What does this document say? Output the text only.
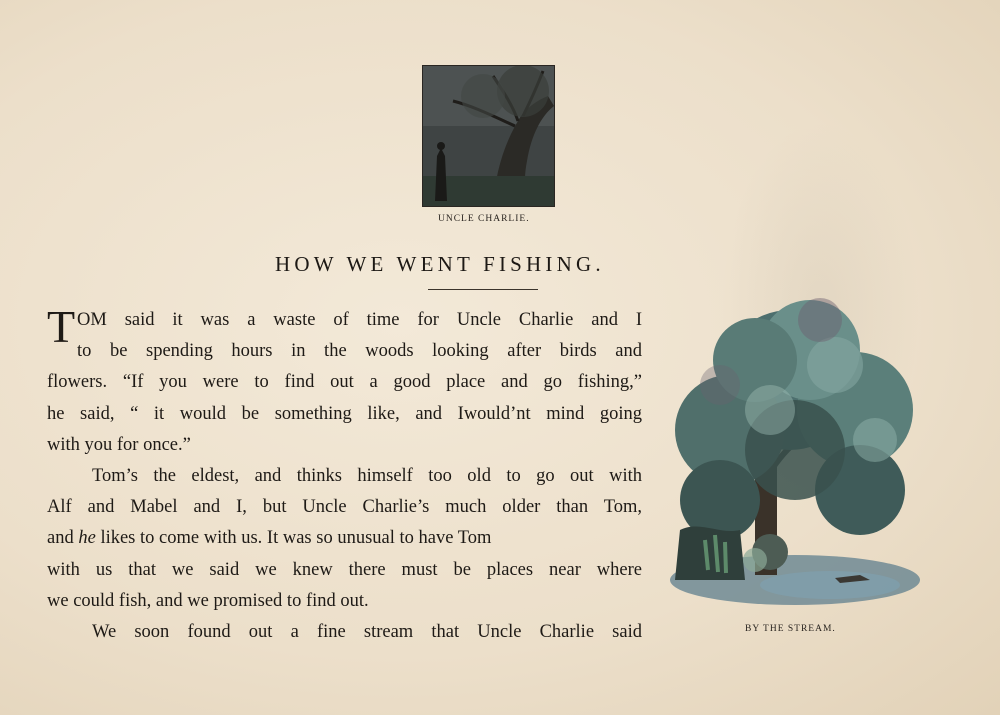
UNCLE CHARLIE.
HOW WE WENT FISHING.
T OM said it was a waste of time for Uncle Charlie and I
to be spending hours in the woods looking after birds and
flowers. “If you were to find out a good place and go fishing,”
he said, “ it would be something like, and Iwould’nt mind going
with you for once.”
Tom’s the eldest, and thinks himself too old to go out with
Alf and Mabel and I, but Uncle Charlie’s much older than Tom,
and he likes to come with us. It was so unusual to have Tom
with us that we said we knew there must be places near where
we could fish, and we promised to find out.
We soon found out a fine stream that Uncle Charlie said	BY THE STREAM.
